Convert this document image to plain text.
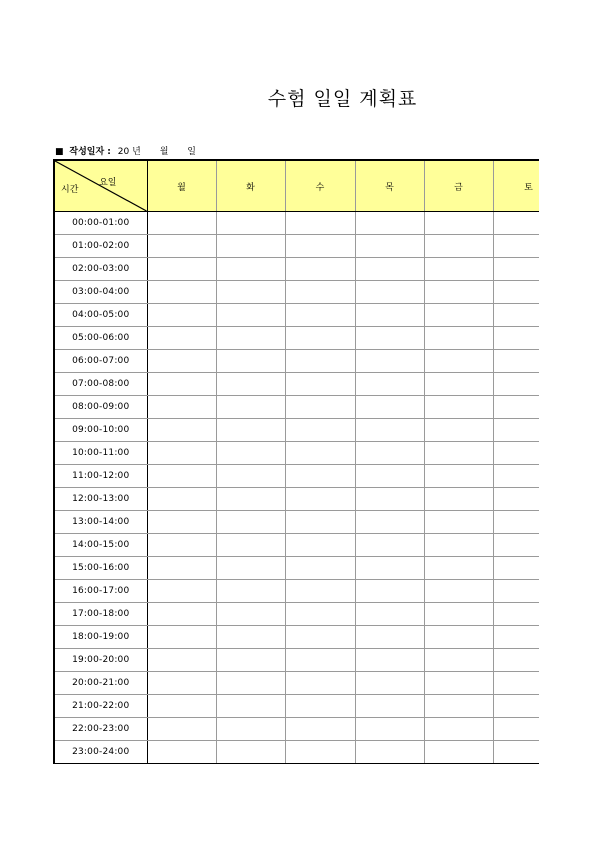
수험 일일 계획표
■ 작성일자 : 20 년 월 일
요일
시간	월	화	수	목	금	토
00:00-01:00						
01:00-02:00						
02:00-03:00						
03:00-04:00						
04:00-05:00						
05:00-06:00						
06:00-07:00						
07:00-08:00						
08:00-09:00						
09:00-10:00						
10:00-11:00						
11:00-12:00						
12:00-13:00						
13:00-14:00						
14:00-15:00						
15:00-16:00						
16:00-17:00						
17:00-18:00						
18:00-19:00						
19:00-20:00						
20:00-21:00						
21:00-22:00						
22:00-23:00						
23:00-24:00						
